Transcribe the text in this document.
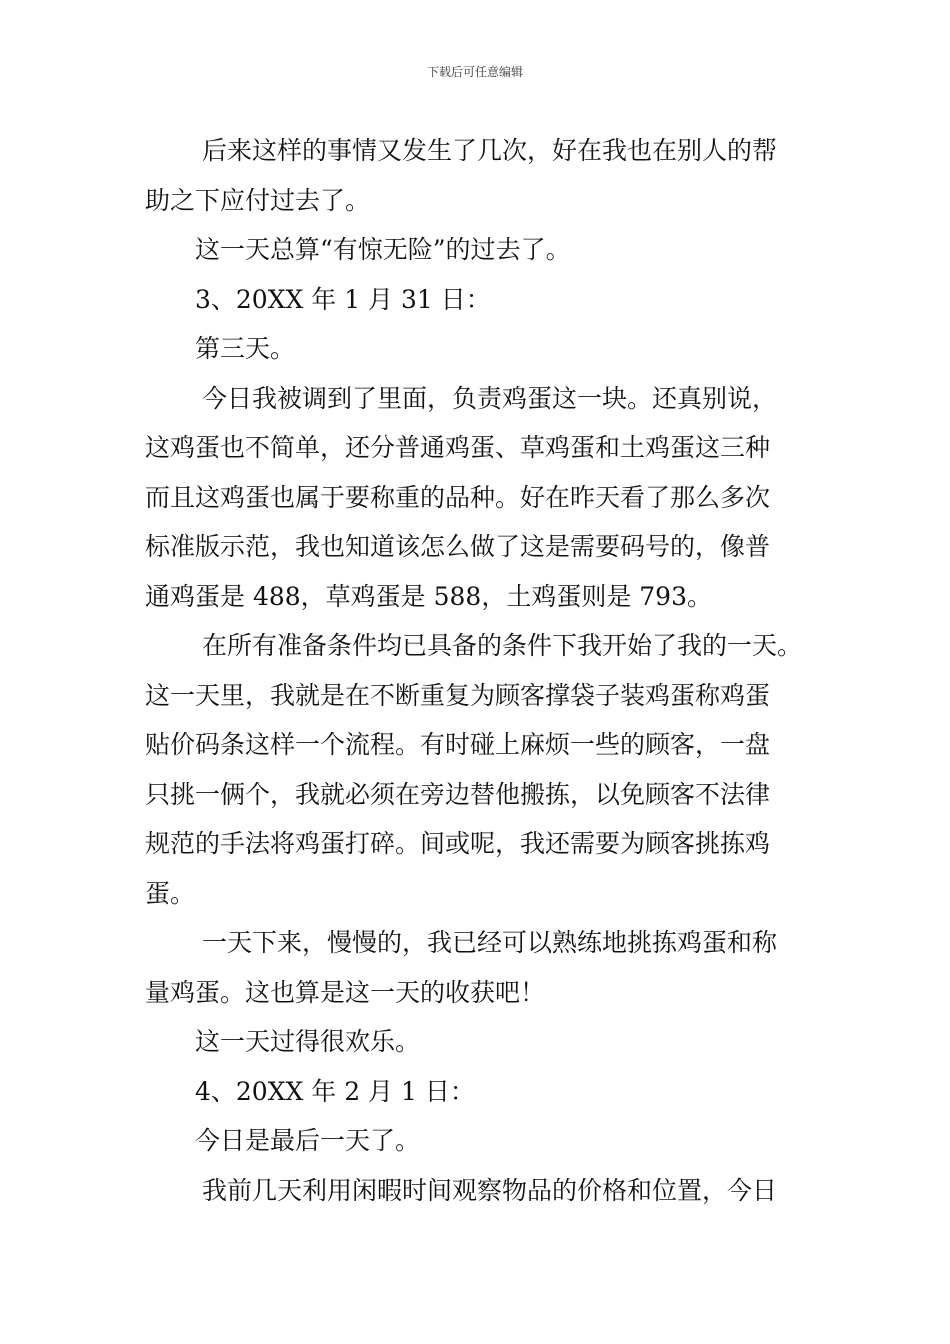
下载后可任意编辑
后来这样的事情又发生了几次，好在我也在别人的帮
助之下应付过去了。
这一天总算“有惊无险”的过去了。
3、20XX 年 1 月 31 日：
第三天。
今日我被调到了里面，负责鸡蛋这一块。还真别说，
这鸡蛋也不简单，还分普通鸡蛋、草鸡蛋和土鸡蛋这三种
而且这鸡蛋也属于要称重的品种。好在昨天看了那么多次
标准版示范，我也知道该怎么做了这是需要码号的，像普
通鸡蛋是 488，草鸡蛋是 588，土鸡蛋则是 793。
在所有准备条件均已具备的条件下我开始了我的一天。
这一天里，我就是在不断重复为顾客撑袋子装鸡蛋称鸡蛋
贴价码条这样一个流程。有时碰上麻烦一些的顾客，一盘
只挑一俩个，我就必须在旁边替他搬拣，以免顾客不法律
规范的手法将鸡蛋打碎。间或呢，我还需要为顾客挑拣鸡
蛋。
一天下来，慢慢的，我已经可以熟练地挑拣鸡蛋和称
量鸡蛋。这也算是这一天的收获吧！
这一天过得很欢乐。
4、20XX 年 2 月 1 日：
今日是最后一天了。
我前几天利用闲暇时间观察物品的价格和位置，今日
